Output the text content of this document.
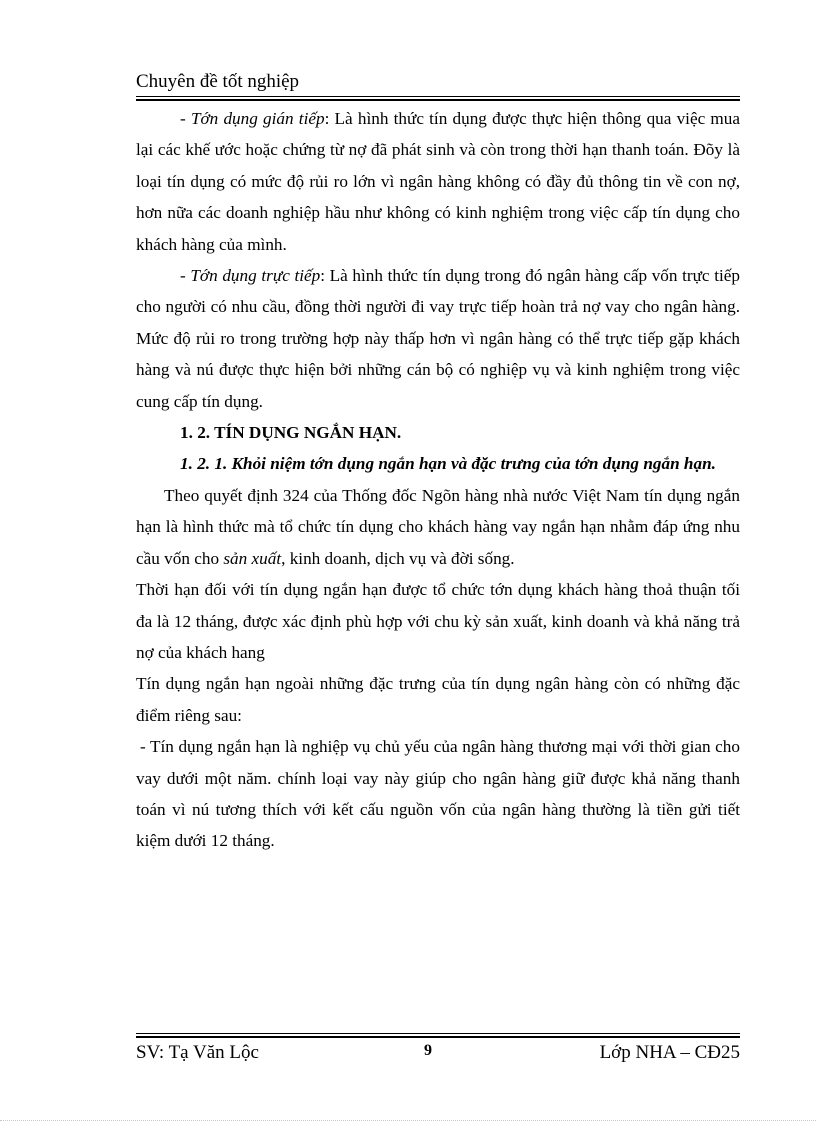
Chuyên đề tốt nghiệp

- Tớn dụng gián tiếp: Là hình thức tín dụng được thực hiện thông qua việc mua lại các khế ước hoặc chứng từ nợ đã phát sinh và còn trong thời hạn thanh toán. Đõy là loại tín dụng có mức độ rủi ro lớn vì ngân hàng không có đầy đủ thông tin về con nợ, hơn nữa các doanh nghiệp hầu như không có kinh nghiệm trong việc cấp tín dụng cho khách hàng của mình.

- Tớn dụng trực tiếp: Là hình thức tín dụng trong đó ngân hàng cấp vốn trực tiếp cho người có nhu cầu, đồng thời người đi vay trực tiếp hoàn trả nợ vay cho ngân hàng. Mức độ rủi ro trong trường hợp này thấp hơn vì ngân hàng có thể trực tiếp gặp khách hàng và nú được thực hiện bởi những cán bộ có nghiệp vụ và kinh nghiệm trong việc cung cấp tín dụng.

1. 2. TÍN DỤNG NGẮN HẠN.

1. 2. 1. Khỏi niệm tớn dụng ngắn hạn và đặc trưng của tớn dụng ngắn hạn.

Theo quyết định 324 của Thống đốc Ngõn hàng nhà nước Việt Nam tín dụng ngắn hạn là hình thức mà tổ chức tín dụng cho khách hàng vay ngắn hạn nhằm đáp ứng nhu cầu vốn cho sản xuất, kinh doanh, dịch vụ và đời sống.

Thời hạn đối với tín dụng ngắn hạn được tổ chức tớn dụng khách hàng thoả thuận tối đa là 12 tháng, được xác định phù hợp với chu kỳ sản xuất, kinh doanh và khả năng trả nợ của khách hang

Tín dụng ngắn hạn ngoài những đặc trưng của tín dụng ngân hàng còn có những đặc điểm riêng sau:

- Tín dụng ngắn hạn là nghiệp vụ chủ yếu của ngân hàng thương mại với thời gian cho vay dưới một năm. chính loại vay này giúp cho ngân hàng giữ được khả năng thanh toán vì nú tương thích với kết cấu nguồn vốn của ngân hàng thường là tiền gửi tiết kiệm dưới 12 tháng.

SV: Tạ Văn Lộc	9	Lớp NHA – CĐ25
